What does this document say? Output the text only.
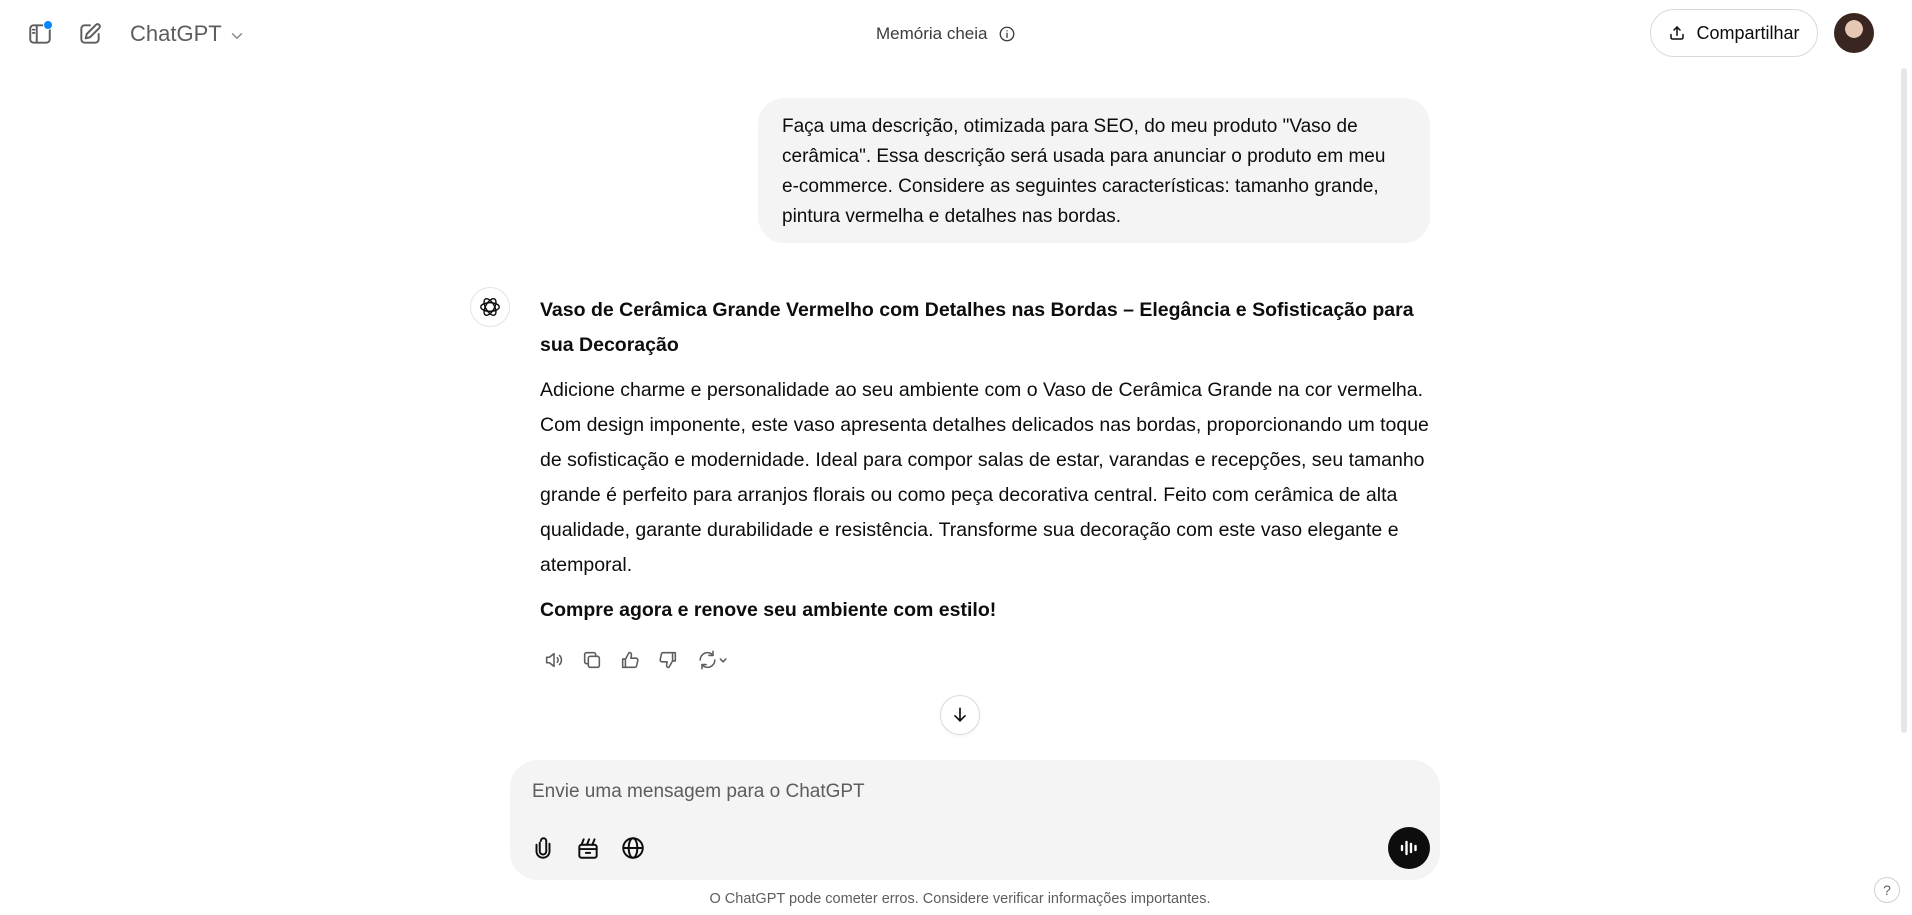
ChatGPT	Memória cheia	Compartilhar
Faça uma descrição, otimizada para SEO, do meu produto "Vaso de cerâmica". Essa descrição será usada para anunciar o produto em meu e-commerce. Considere as seguintes características: tamanho grande, pintura vermelha e detalhes nas bordas.
Vaso de Cerâmica Grande Vermelho com Detalhes nas Bordas – Elegância e Sofisticação para sua Decoração
Adicione charme e personalidade ao seu ambiente com o Vaso de Cerâmica Grande na cor vermelha. Com design imponente, este vaso apresenta detalhes delicados nas bordas, proporcionando um toque de sofisticação e modernidade. Ideal para compor salas de estar, varandas e recepções, seu tamanho grande é perfeito para arranjos florais ou como peça decorativa central. Feito com cerâmica de alta qualidade, garante durabilidade e resistência. Transforme sua decoração com este vaso elegante e atemporal.
Compre agora e renove seu ambiente com estilo!
Envie uma mensagem para o ChatGPT
O ChatGPT pode cometer erros. Considere verificar informações importantes.
?
